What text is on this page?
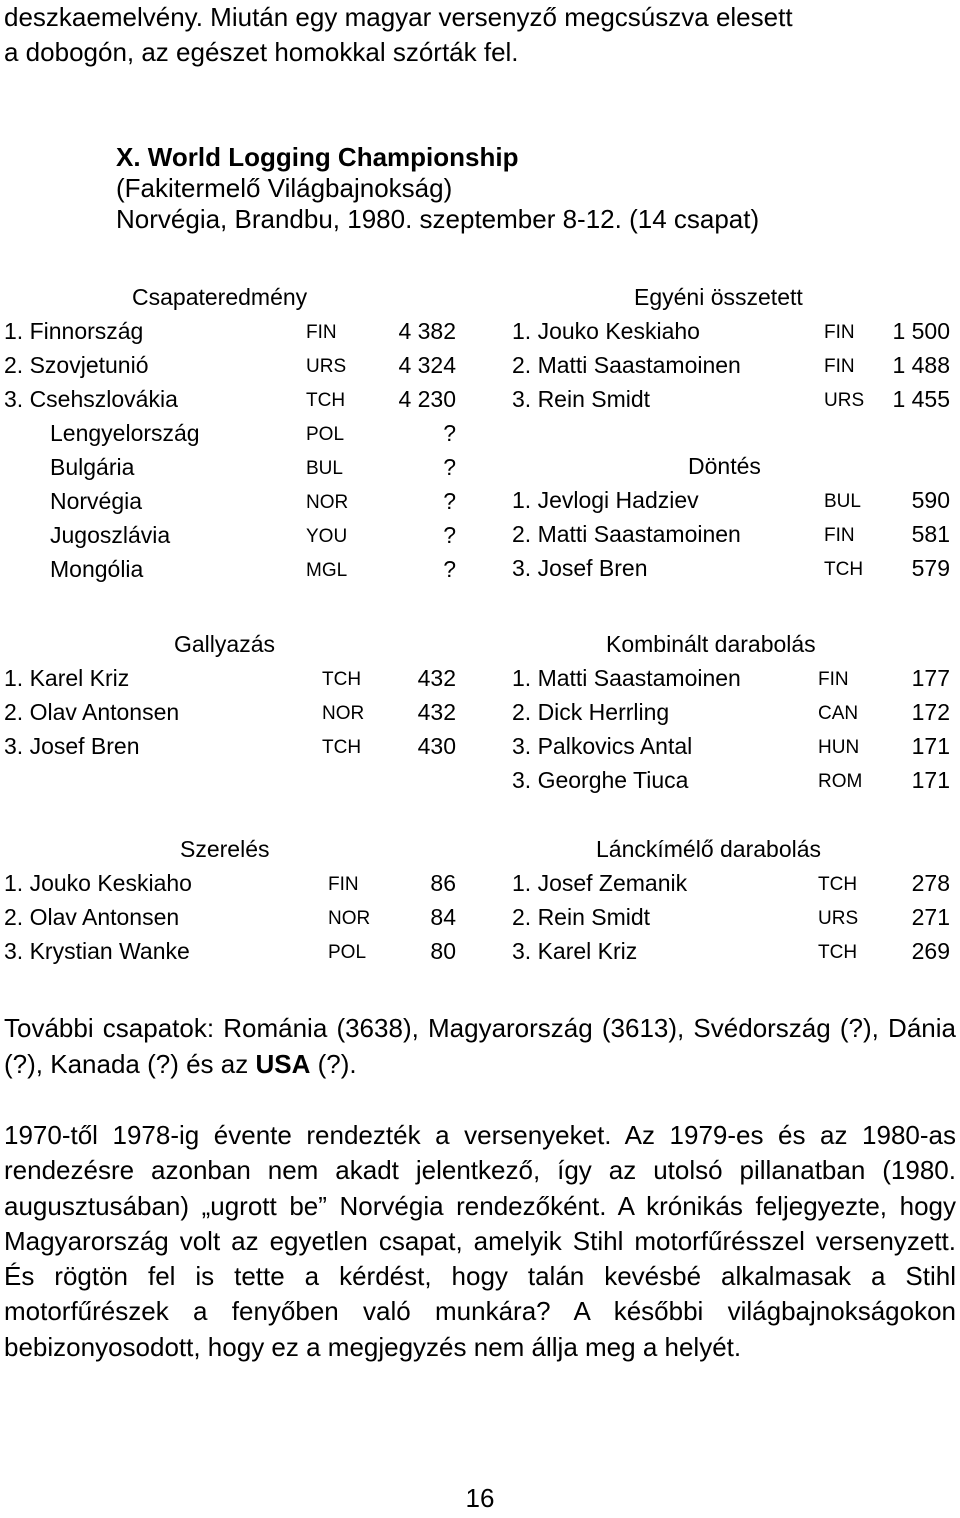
deszkaemelvény. Miután egy magyar versenyző megcsúszva elesett
a dobogón, az egészet homokkal szórták fel.
X. World Logging Championship
(Fakitermelő Világbajnokság)
Norvégia, Brandbu, 1980. szeptember 8-12. (14 csapat)
Csapateredmény
1. Finnország	FIN	4 382
2. Szovjetunió	URS 4 324
3. Csehszlovákia	TCH 4 230
Lengyelország	POL	?
Bulgária	BUL	?
Norvégia	NOR	?
Jugoszlávia	YOU	?
Mongólia	MGL	?
Egyéni összetett
1. Jouko Keskiaho	FIN 1 500
2. Matti Saastamoinen	FIN 1 488
3. Rein Smidt	URS 1 455
Döntés
1. Jevlogi Hadziev	BUL 590
2. Matti Saastamoinen	FIN 581
3. Josef Bren	TCH 579
Gallyazás
1. Karel Kriz	TCH 432
2. Olav Antonsen	NOR 432
3. Josef Bren	TCH 430
Kombinált darabolás
1. Matti Saastamoinen	FIN	177
2. Dick Herrling	CAN 172
3. Palkovics Antal	HUN 171
3. Georghe Tiuca	ROM 171
Szerelés
1. Jouko Keskiaho	FIN	86
2. Olav Antonsen	NOR	84
3. Krystian Wanke	POL	80
Lánckímélő darabolás
1. Josef Zemanik	TCH 278
2. Rein Smidt	URS 271
3. Karel Kriz	TCH 269
További csapatok: Románia (3638), Magyarország (3613), Svédország (?), Dánia (?), Kanada (?) és az USA (?).
1970-től 1978-ig évente rendezték a versenyeket. Az 1979-es és az 1980-as rendezésre azonban nem akadt jelentkező, így az utolsó pillanatban (1980. augusztusában) „ugrott be” Norvégia rendezőként. A krónikás feljegyezte, hogy Magyarország volt az egyetlen csapat, amelyik Stihl motorfűrésszel versenyzett. És rögtön fel is tette a kérdést, hogy talán kevésbé alkalmasak a Stihl motorfűrészek a fenyőben való munkára? A későbbi világbajnokságokon bebizonyosodott, hogy ez a megjegyzés nem állja meg a helyét.
16
